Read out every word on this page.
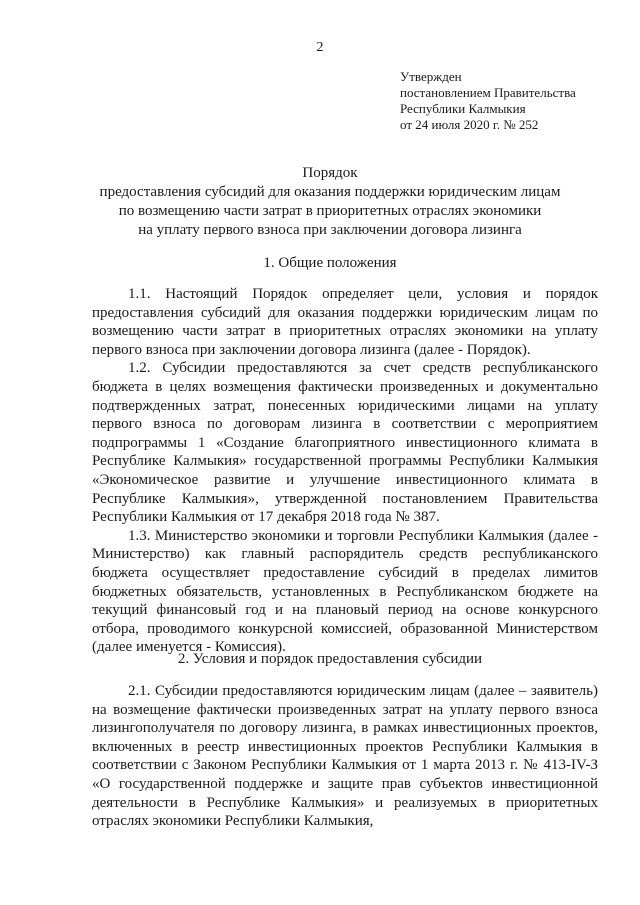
2
Утвержден
постановлением Правительства
Республики Калмыкия
от 24 июля 2020 г. № 252
Порядок
предоставления субсидий для оказания поддержки юридическим лицам
по возмещению части затрат в приоритетных отраслях экономики
на уплату первого взноса при заключении договора лизинга
1. Общие положения

1.1. Настоящий Порядок определяет цели, условия и порядок предоставления субсидий для оказания поддержки юридическим лицам по возмещению части затрат в приоритетных отраслях экономики на уплату первого взноса при заключении договора лизинга (далее - Порядок).

1.2. Субсидии предоставляются за счет средств республиканского бюджета в целях возмещения фактически произведенных и документально подтвержденных затрат, понесенных юридическими лицами на уплату первого взноса по договорам лизинга в соответствии с мероприятием подпрограммы 1 «Создание благоприятного инвестиционного климата в Республике Калмыкия» государственной программы Республики Калмыкия «Экономическое развитие и улучшение инвестиционного климата в Республике Калмыкия», утвержденной постановлением Правительства Республики Калмыкия от 17 декабря 2018 года № 387.

1.3. Министерство экономики и торговли Республики Калмыкия (далее - Министерство) как главный распорядитель средств республиканского бюджета осуществляет предоставление субсидий в пределах лимитов бюджетных обязательств, установленных в Республиканском бюджете на текущий финансовый год и на плановый период на основе конкурсного отбора, проводимого конкурсной комиссией, образованной Министерством (далее именуется - Комиссия).

2. Условия и порядок предоставления субсидии

2.1. Субсидии предоставляются юридическим лицам (далее – заявитель) на возмещение фактически произведенных затрат на уплату первого взноса лизингополучателя по договору лизинга, в рамках инвестиционных проектов, включенных в реестр инвестиционных проектов Республики Калмыкия в соответствии с Законом Республики Калмыкия от 1 марта 2013 г. № 413-IV-З «О государственной поддержке и защите прав субъектов инвестиционной деятельности в Республике Калмыкия» и реализуемых в приоритетных отраслях экономики Республики Калмыкия,
